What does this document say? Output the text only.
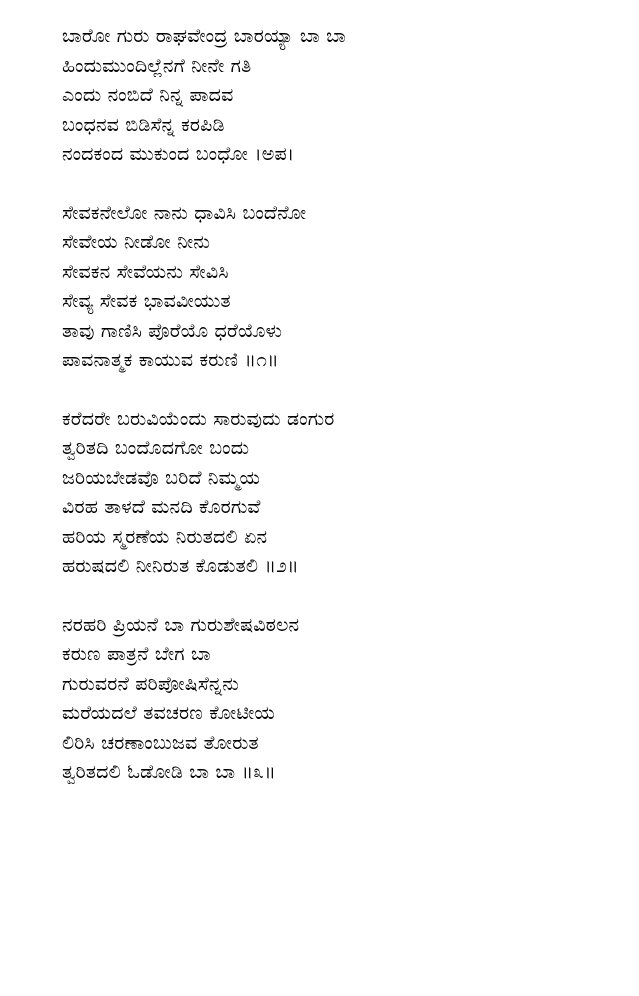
ಬಾರೋ ಗುರು ರಾಘವೇಂದ್ರ ಬಾರಯ್ಯಾ ಬಾ ಬಾ
ಹಿಂದುಮುಂದಿಲ್ಲೆನಗೆ ನೀನೇ ಗತಿ
ಎಂದು ನಂಬಿದೆ ನಿನ್ನ ಪಾದವ
ಬಂಧನವ ಬಿಡಿಸೆನ್ನ ಕರಪಿಡಿ
ನಂದಕಂದ ಮುಕುಂದ ಬಂಧೋ ।ಅಪ।
ಸೇವಕನೇಲೋ ನಾನು ಧಾವಿಸಿ ಬಂದೆನೋ
ಸೇವೇಯ ನೀಡೋ ನೀನು
ಸೇವಕನ ಸೇವೆಯನು ಸೇವಿಸಿ
ಸೇವ್ಯ ಸೇವಕ ಭಾವವೀಯುತ
ತಾವು ಗಾಣಿಸಿ ಪೊರೆಯೊ ಧರೆಯೊಳು
ಪಾವನಾತ್ಮಕ ಕಾಯುವ ಕರುಣಿ ॥೧॥
ಕರೆದರೇ ಬರುವಿಯೆಂದು ಸಾರುವುದು ಡಂಗುರ
ತ್ವರಿತದಿ ಬಂದೊದಗೋ ಬಂದು
ಜರಿಯಬೇಡವೊ ಬರಿದೆ ನಿಮ್ಮಯ
ವಿರಹ ತಾಳದೆ ಮನದಿ ಕೊರಗುವೆ
ಹರಿಯ ಸ್ಮರಣೆಯ ನಿರುತದಲಿ ಏನ
ಹರುಷದಲಿ ನೀನಿರುತ ಕೊಡುತಲಿ ॥೨॥
ನರಹರಿ ಪ್ರಿಯನೆ ಬಾ ಗುರುಶೇಷವಿಠಲನ
ಕರುಣ ಪಾತ್ರನೆ ಬೇಗ ಬಾ
ಗುರುವರನೆ ಪರಿಪೋಷಿಸೆನ್ನನು
ಮರೆಯದಲೆ ತವಚರಣ ಕೋಟೀಯ
ಲಿರಿಸಿ ಚರಣಾಂಬುಜವ ತೋರುತ
ತ್ವರಿತದಲಿ ಓಡೋಡಿ ಬಾ ಬಾ ॥೩॥
